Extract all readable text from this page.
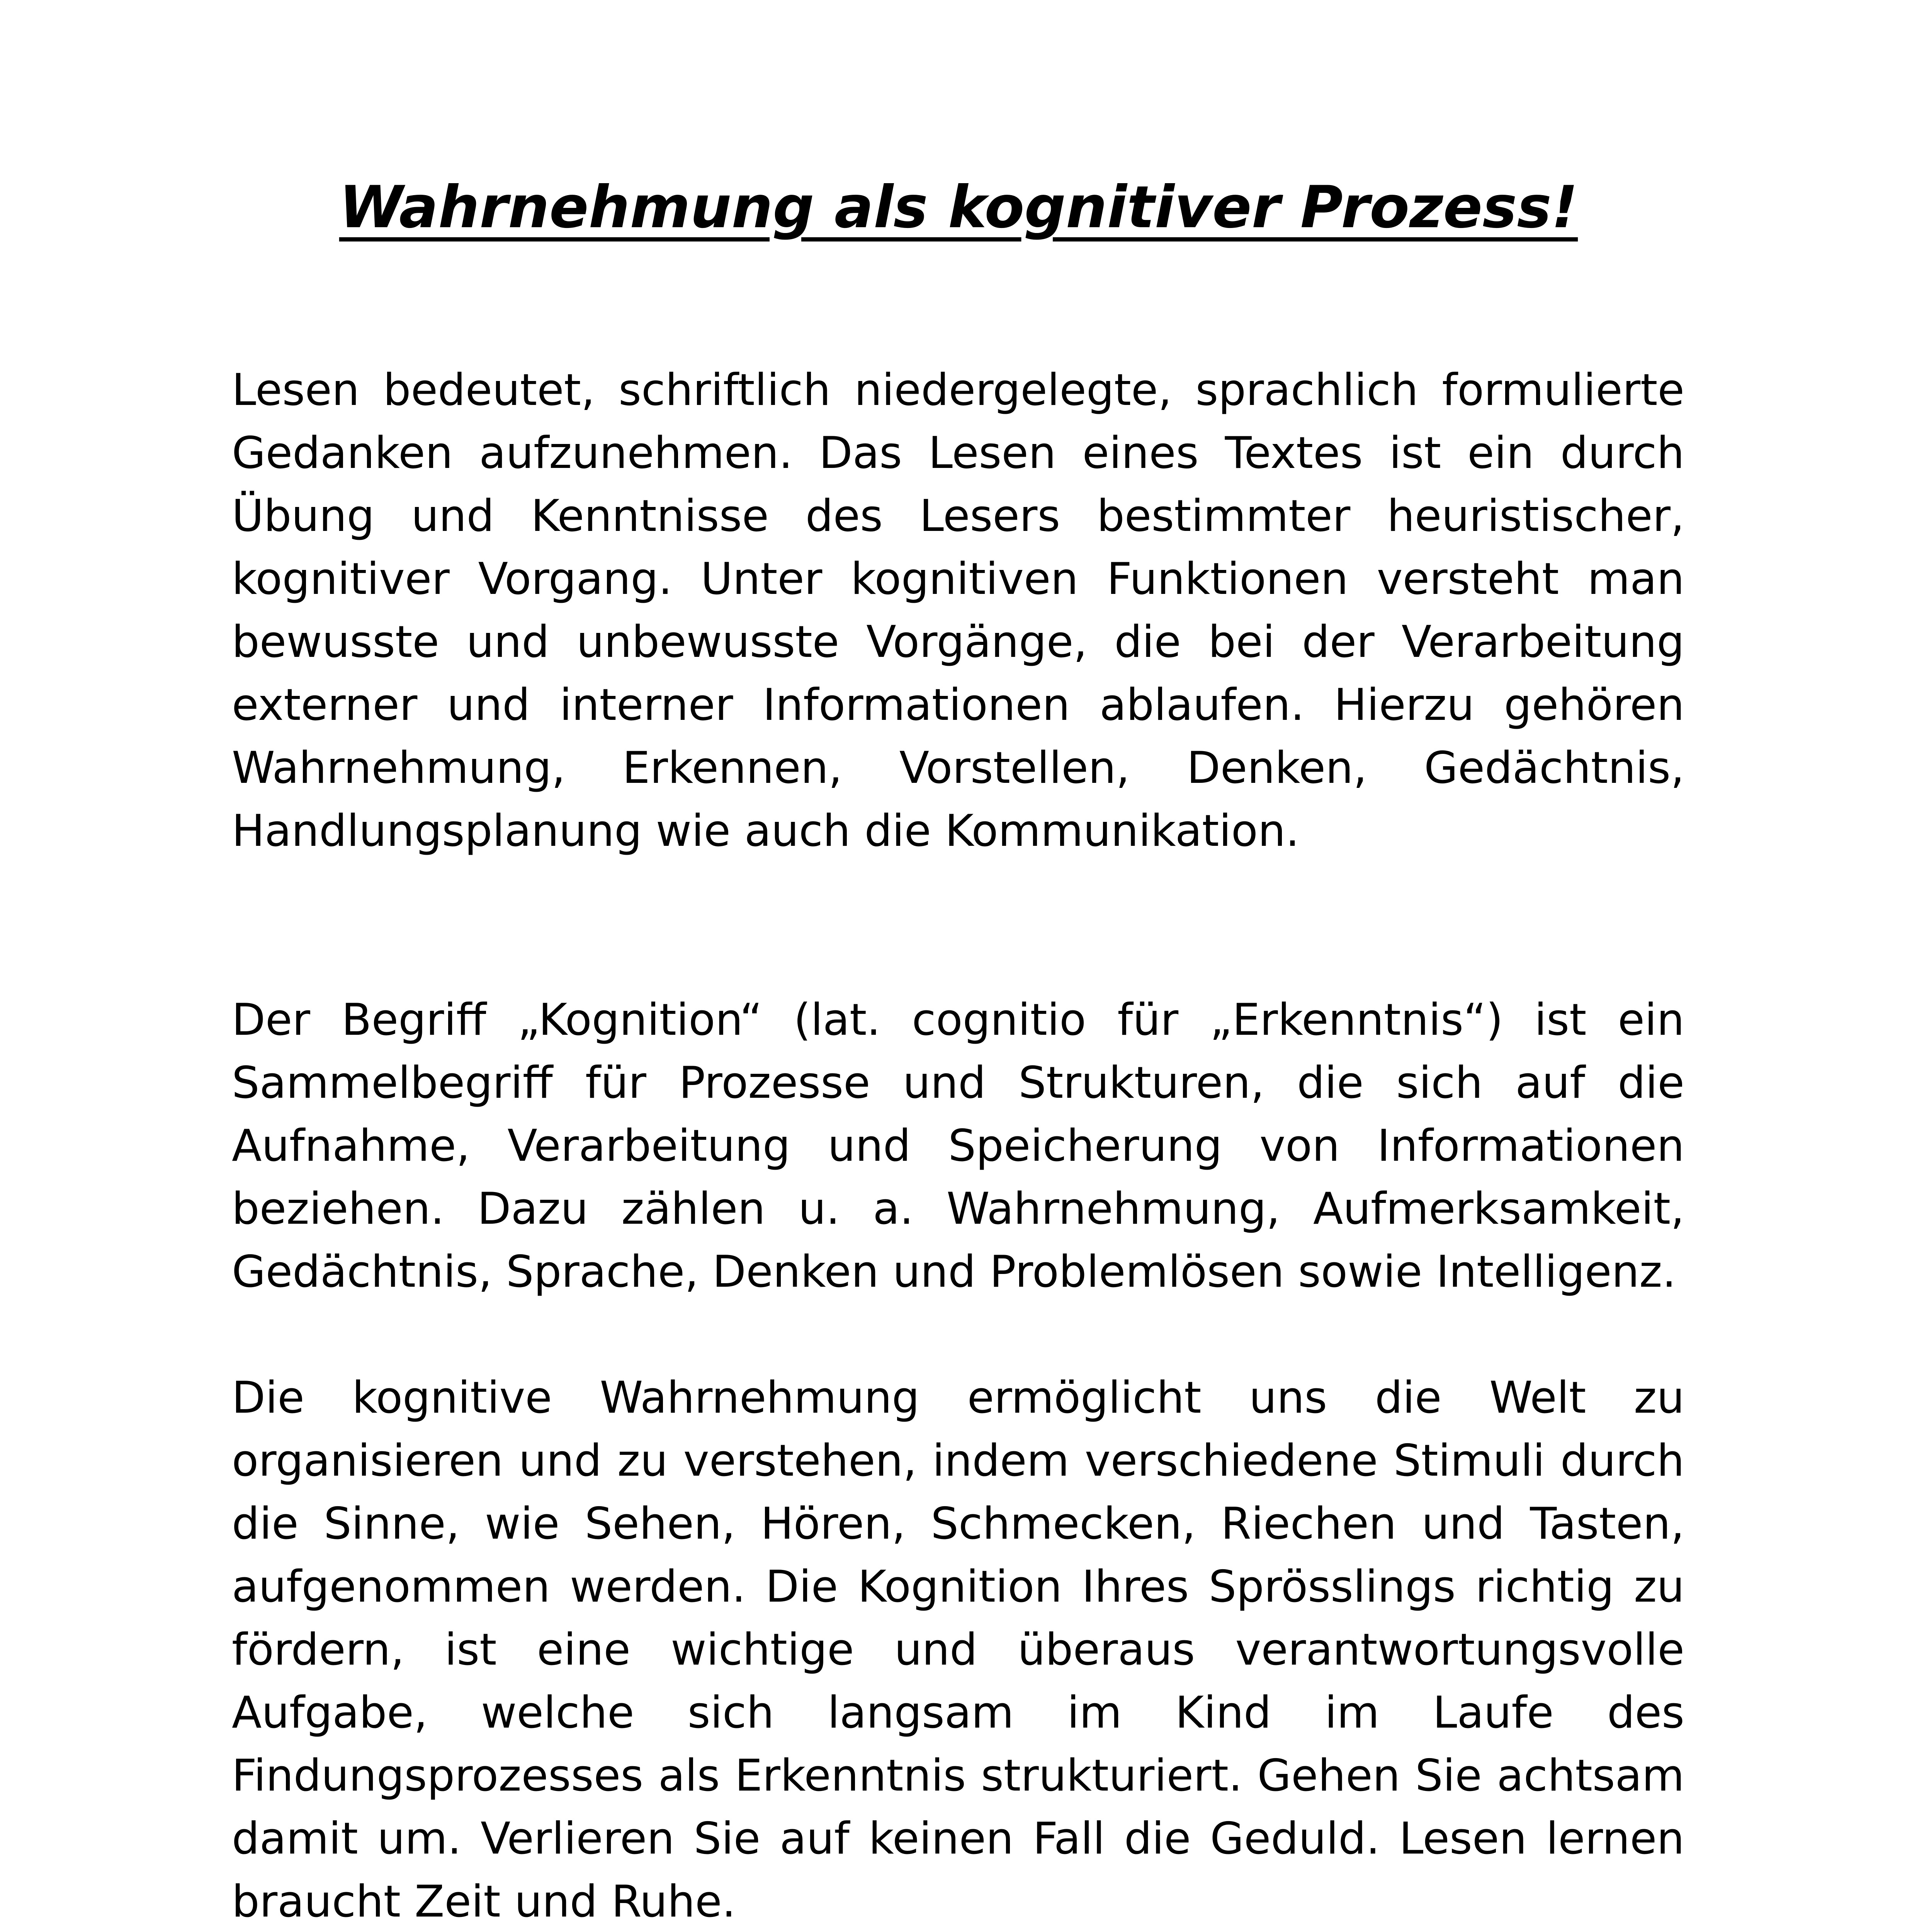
Wahrnehmung als kognitiver Prozess!

Lesen bedeutet, schriftlich niedergelegte, sprachlich formulierte Gedanken aufzunehmen. Das Lesen eines Textes ist ein durch Übung und Kenntnisse des Lesers bestimmter heuristischer, kognitiver Vorgang. Unter kognitiven Funktionen versteht man bewusste und unbewusste Vorgänge, die bei der Verarbeitung externer und interner Informationen ablaufen. Hierzu gehören Wahrnehmung, Erkennen, Vorstellen, Denken, Gedächtnis, Handlungsplanung wie auch die Kommunikation.

Der Begriff „Kognition“ (lat. cognitio für „Erkenntnis“) ist ein Sammelbegriff für Prozesse und Strukturen, die sich auf die Aufnahme, Verarbeitung und Speicherung von Informationen beziehen. Dazu zählen u. a. Wahrnehmung, Aufmerksamkeit, Gedächtnis, Sprache, Denken und Problemlösen sowie Intelligenz.

Die kognitive Wahrnehmung ermöglicht uns die Welt zu organisieren und zu verstehen, indem verschiedene Stimuli durch die Sinne, wie Sehen, Hören, Schmecken, Riechen und Tasten, aufgenommen werden. Die Kognition Ihres Sprösslings richtig zu fördern, ist eine wichtige und überaus verantwortungsvolle Aufgabe, welche sich langsam im Kind im Laufe des Findungsprozesses als Erkenntnis strukturiert. Gehen Sie achtsam damit um. Verlieren Sie auf keinen Fall die Geduld. Lesen lernen braucht Zeit und Ruhe.
